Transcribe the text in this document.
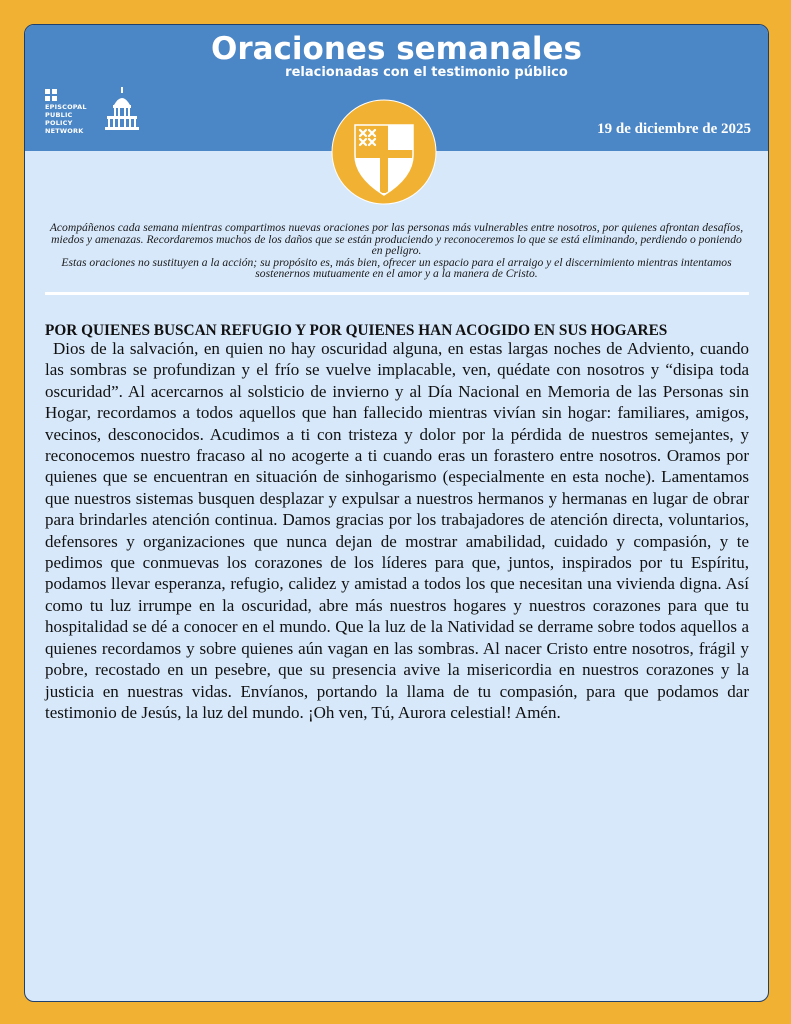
Oraciones semanales
relacionadas con el testimonio público
EPISCOPAL PUBLIC POLICY NETWORK	19 de diciembre de 2025
Acompáñenos cada semana mientras compartimos nuevas oraciones por las personas más vulnerables entre nosotros, por quienes afrontan desafíos, miedos y amenazas. Recordaremos muchos de los daños que se están produciendo y reconoceremos lo que se está eliminando, perdiendo o poniendo en peligro.
Estas oraciones no sustituyen a la acción; su propósito es, más bien, ofrecer un espacio para el arraigo y el discernimiento mientras intentamos sostenernos mutuamente en el amor y a la manera de Cristo.
POR QUIENES BUSCAN REFUGIO Y POR QUIENES HAN ACOGIDO EN SUS HOGARES
Dios de la salvación, en quien no hay oscuridad alguna, en estas largas noches de Adviento, cuando las sombras se profundizan y el frío se vuelve implacable, ven, quédate con nosotros y “disipa toda oscuridad”. Al acercarnos al solsticio de invierno y al Día Nacional en Memoria de las Personas sin Hogar, recordamos a todos aquellos que han fallecido mientras vivían sin hogar: familiares, amigos, vecinos, desconocidos. Acudimos a ti con tristeza y dolor por la pérdida de nuestros semejantes, y reconocemos nuestro fracaso al no acogerte a ti cuando eras un forastero entre nosotros. Oramos por quienes que se encuentran en situación de sinhogarismo (especialmente en esta noche). Lamentamos que nuestros sistemas busquen desplazar y expulsar a nuestros hermanos y hermanas en lugar de obrar para brindarles atención continua. Damos gracias por los trabajadores de atención directa, voluntarios, defensores y organizaciones que nunca dejan de mostrar amabilidad, cuidado y compasión, y te pedimos que conmuevas los corazones de los líderes para que, juntos, inspirados por tu Espíritu, podamos llevar esperanza, refugio, calidez y amistad a todos los que necesitan una vivienda digna. Así como tu luz irrumpe en la oscuridad, abre más nuestros hogares y nuestros corazones para que tu hospitalidad se dé a conocer en el mundo. Que la luz de la Natividad se derrame sobre todos aquellos a quienes recordamos y sobre quienes aún vagan en las sombras. Al nacer Cristo entre nosotros, frágil y pobre, recostado en un pesebre, que su presencia avive la misericordia en nuestros corazones y la justicia en nuestras vidas. Envíanos, portando la llama de tu compasión, para que podamos dar testimonio de Jesús, la luz del mundo. ¡Oh ven, Tú, Aurora celestial! Amén.
